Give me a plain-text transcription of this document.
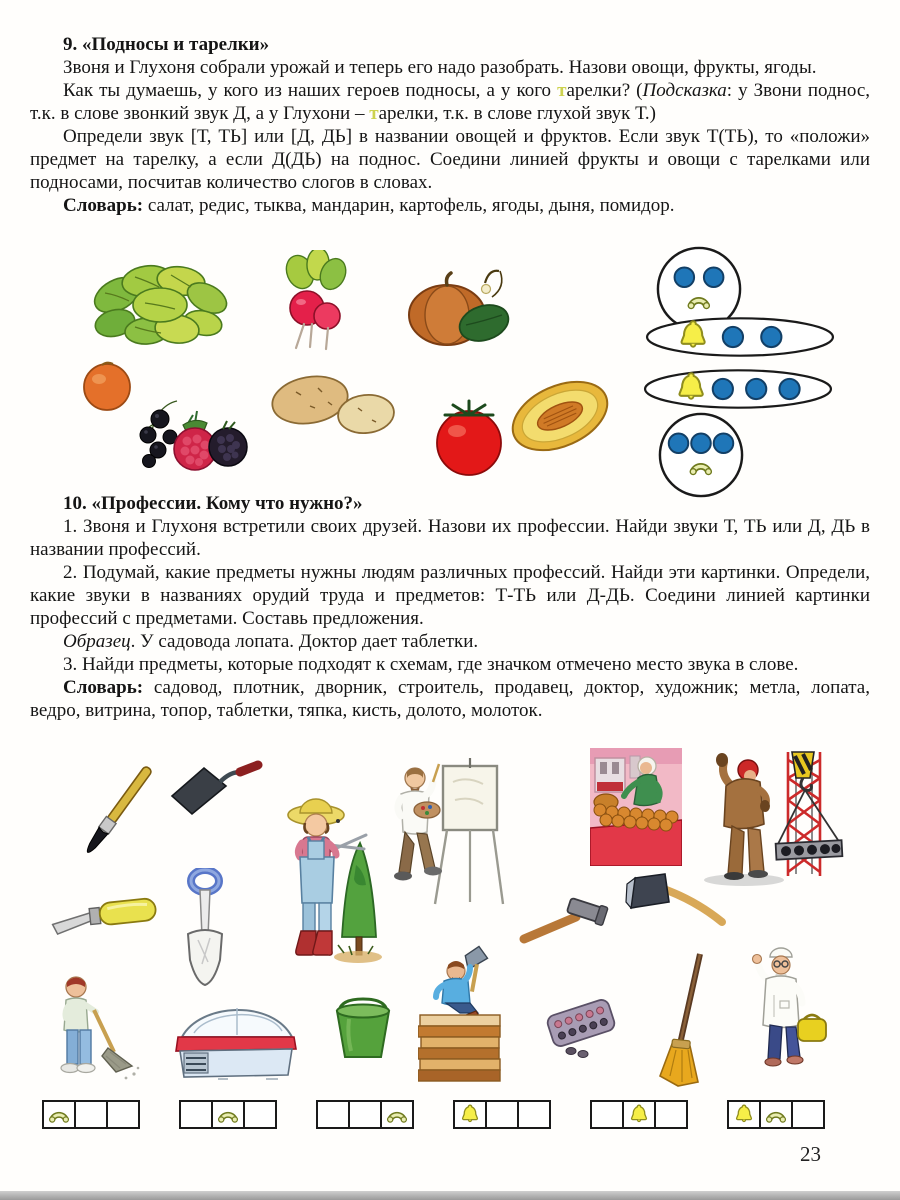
9. «Подносы и тарелки»

Звоня и Глухоня собрали урожай и теперь его надо разобрать. Назови овощи, фрукты, ягоды.

Как ты думаешь, у кого из наших героев подносы, а у кого тарелки? (Подсказка: у Звони поднос, т.к. в слове звонкий звук Д, а у Глухони – тарелки, т.к. в слове глухой звук Т.)

Определи звук [Т, ТЬ] или [Д, ДЬ] в названии овощей и фруктов. Если звук Т(ТЬ), то «положи» предмет на тарелку, а если Д(ДЬ) на поднос. Соедини линией фрукты и овощи с тарелками или подносами, посчитав количество слогов в словах.

Словарь: салат, редис, тыква, мандарин, картофель, ягоды, дыня, помидор.

10. «Профессии. Кому что нужно?»

1. Звоня и Глухоня встретили своих друзей. Назови их профессии. Найди звуки Т, ТЬ или Д, ДЬ в названии профессий.

2. Подумай, какие предметы нужны людям различных профессий. Найди эти картинки. Определи, какие звуки в названиях орудий труда и предметов: Т-ТЬ или Д-ДЬ. Соедини линией картинки профессий с предметами. Составь предложения.

Образец. У садовода лопата. Доктор дает таблетки.

3. Найди предметы, которые подходят к схемам, где значком отмечено место звука в слове.

Словарь: садовод, плотник, дворник, строитель, продавец, доктор, художник; метла, лопата, ведро, витрина, топор, таблетки, тяпка, кисть, долото, молоток.

23
